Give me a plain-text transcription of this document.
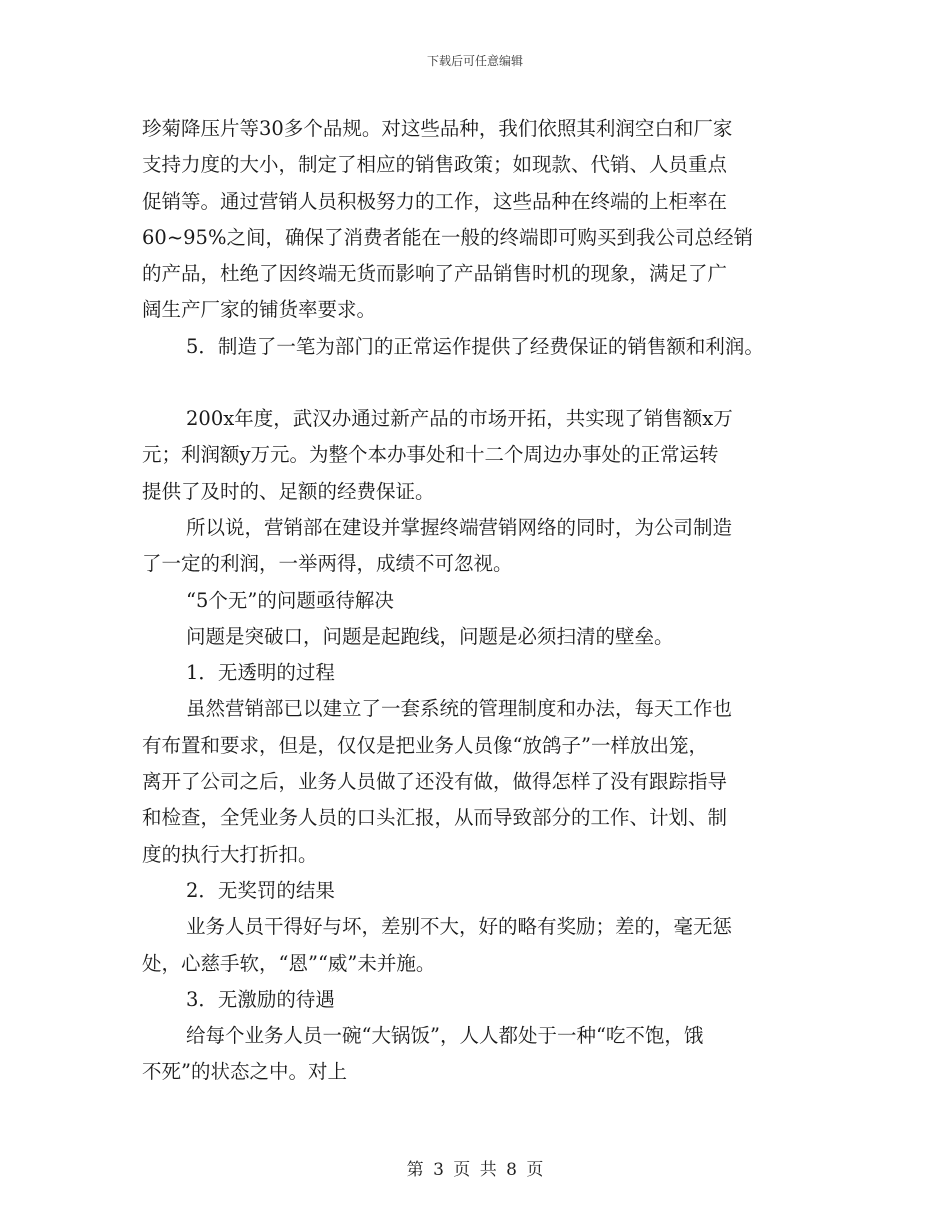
下载后可任意编辑
珍菊降压片等30多个品规。对这些品种，我们依照其利润空白和厂家
支持力度的大小，制定了相应的销售政策；如现款、代销、人员重点
促销等。通过营销人员积极努力的工作，这些品种在终端的上柜率在
60~95%之间，确保了消费者能在一般的终端即可购买到我公司总经销
的产品，杜绝了因终端无货而影响了产品销售时机的现象，满足了广
阔生产厂家的铺货率要求。
5．制造了一笔为部门的正常运作提供了经费保证的销售额和利润。
200x年度，武汉办通过新产品的市场开拓，共实现了销售额x万
元；利润额y万元。为整个本办事处和十二个周边办事处的正常运转
提供了及时的、足额的经费保证。
所以说，营销部在建设并掌握终端营销网络的同时，为公司制造
了一定的利润，一举两得，成绩不可忽视。
“5个无”的问题亟待解决
问题是突破口，问题是起跑线，问题是必须扫清的壁垒。
1．无透明的过程
虽然营销部已以建立了一套系统的管理制度和办法，每天工作也
有布置和要求，但是，仅仅是把业务人员像“放鸽子”一样放出笼，
离开了公司之后，业务人员做了还没有做，做得怎样了没有跟踪指导
和检查，全凭业务人员的口头汇报，从而导致部分的工作、计划、制
度的执行大打折扣。
2．无奖罚的结果
业务人员干得好与坏，差别不大，好的略有奖励；差的，毫无惩
处，心慈手软，“恩”“威”未并施。
3．无激励的待遇
给每个业务人员一碗“大锅饭”，人人都处于一种“吃不饱，饿
不死”的状态之中。对上
第 3 页 共 8 页
